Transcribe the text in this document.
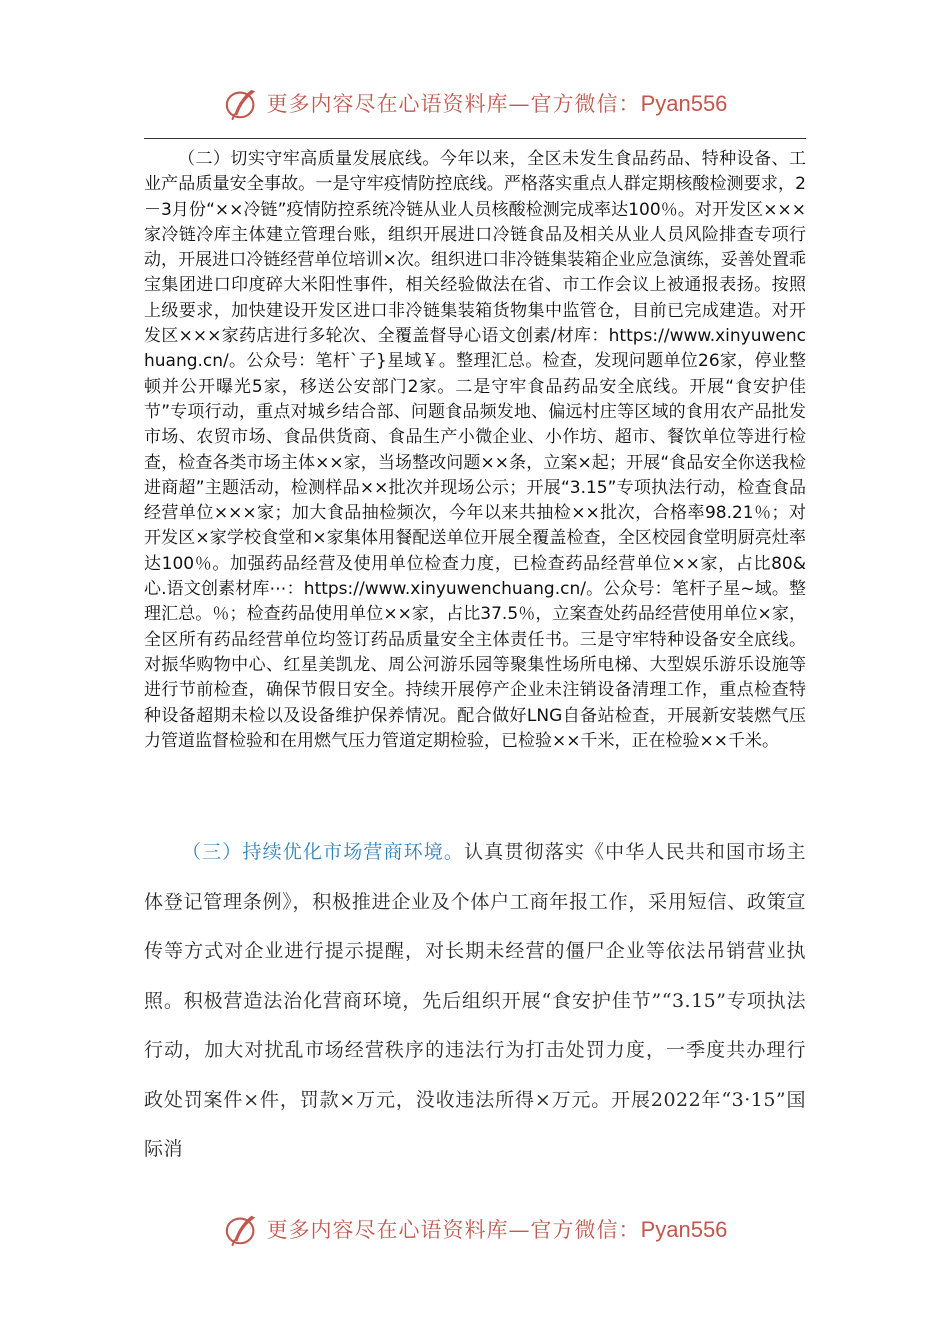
更多内容尽在心语资料库—官方微信：Pyan556

（二）切实守牢高质量发展底线。今年以来，全区未发生食品药品、特种设备、工业产品质量安全事故。一是守牢疫情防控底线。严格落实重点人群定期核酸检测要求，2－3月份“××冷链”疫情防控系统冷链从业人员核酸检测完成率达100％。对开发区×××家冷链冷库主体建立管理台账，组织开展进口冷链食品及相关从业人员风险排查专项行动，开展进口冷链经营单位培训×次。组织进口非冷链集装箱企业应急演练，妥善处置乖宝集团进口印度碎大米阳性事件，相关经验做法在省、市工作会议上被通报表扬。按照上级要求，加快建设开发区进口非冷链集装箱货物集中监管仓，目前已完成建造。对开发区×××家药店进行多轮次、全覆盖督导心语文创素/材库：https://www.xinyuwenchuang.cn/。公众号：笔杆`子}星域￥。整理汇总。检查，发现问题单位26家，停业整顿并公开曝光5家，移送公安部门2家。二是守牢食品药品安全底线。开展“食安护佳节”专项行动，重点对城乡结合部、问题食品频发地、偏远村庄等区域的食用农产品批发市场、农贸市场、食品供货商、食品生产小微企业、小作坊、超市、餐饮单位等进行检查，检查各类市场主体××家，当场整改问题××条，立案×起；开展“食品安全你送我检进商超”主题活动，检测样品××批次并现场公示；开展“3.15”专项执法行动，检查食品经营单位×××家；加大食品抽检频次，今年以来共抽检××批次，合格率98.21％；对开发区×家学校食堂和×家集体用餐配送单位开展全覆盖检查，全区校园食堂明厨亮灶率达100％。加强药品经营及使用单位检查力度，已检查药品经营单位××家，占比80&心.语文创素材库⋯：https://www.xinyuwenchuang.cn/。公众号：笔杆子星~域。整理汇总。％；检查药品使用单位××家，占比37.5％，立案查处药品经营使用单位×家，全区所有药品经营单位均签订药品质量安全主体责任书。三是守牢特种设备安全底线。对振华购物中心、红星美凯龙、周公河游乐园等聚集性场所电梯、大型娱乐游乐设施等进行节前检查，确保节假日安全。持续开展停产企业未注销设备清理工作，重点检查特种设备超期未检以及设备维护保养情况。配合做好LNG自备站检查，开展新安装燃气压力管道监督检验和在用燃气压力管道定期检验，已检验××千米，正在检验××千米。

（三）持续优化市场营商环境。认真贯彻落实《中华人民共和国市场主体登记管理条例》，积极推进企业及个体户工商年报工作，采用短信、政策宣传等方式对企业进行提示提醒，对长期未经营的僵尸企业等依法吊销营业执照。积极营造法治化营商环境，先后组织开展“食安护佳节”“3.15”专项执法行动，加大对扰乱市场经营秩序的违法行为打击处罚力度，一季度共办理行政处罚案件×件，罚款×万元，没收违法所得×万元。开展2022年“3·15”国际消

更多内容尽在心语资料库—官方微信：Pyan556
